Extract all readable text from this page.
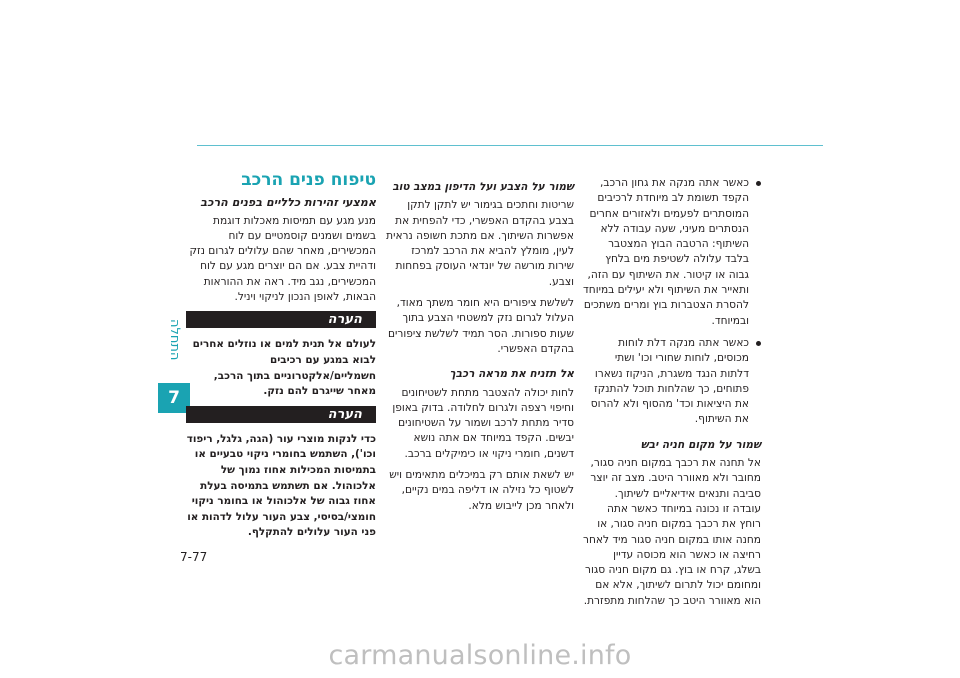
התחלה
7
7-77
כאשר אתה מנקה את גחון הרכב, הקפד תשומת לב מיוחדת לרכיבים המוסתרים לפעמים ולאזורים אחרים הנסתרים מעיני, שעה עבודה ללא השיתוף: הרטבה הבוץ המצטבר בלבד עלולה לשטיפת מים בלחץ גבוה או קיטור. את השיתוף עם הזה, ותאייר את השיתוף ולא יעילים במיוחד להסרת הצטברות בוץ ומרים משתכים ובמיוחד.
כאשר אתה מנקה דלת לוחות מכוסים, לוחות שחורי וכו' ושתי דלתות הנגד משגרת, הניקוז נשארו פתוחים, כך שהלחות תוכל להתנקז את היציאות וכד' מהסוף ולא להרוס את השיתוף.
שמור על מקום חניה יבש

אל תחנה את רכבך במקום חניה סגור, מחובר ולא מאוורר היטב. מצב זה יוצר סביבה ותנאים אידיאליים לשיתוך. עובדה זו נכונה במיוחד כאשר אתה רוחץ את רכבך במקום חניה סגור, או מחנה אותו במקום חניה סגור מיד לאחר רחיצה או כאשר הוא מכוסה עדיין בשלג, קרח או בוץ. גם מקום חניה סגור ומחומם יכול לתרום לשיתוך, אלא אם הוא מאוורר היטב כך שהלחות מתפזרת.

שמור על הצבע ועל הדיפון במצב טוב

שריטות וחתכים בגימור יש לתקן לתקן בצבע בהקדם האפשרי, כדי להפחית את אפשרות השיתוך. אם מתכת חשופה נראית לעין, מומלץ להביא את הרכב למרכז שירות מורשה של יונדאי העוסק בפחחות וצבע.

לשלשת ציפורים היא חומר משתך מאוד, העלול לגרום נזק למשטחי הצבע בתוך שעות ספורות. הסר תמיד לשלשת ציפורים בהקדם האפשרי.

אל תזניח את מראה רכבך

לחות יכולה להצטבר מתחת לשטיחונים וחיפוי רצפה ולגרום לחלודה. בדוק באופן סדיר מתחת לרכב ושמור על השטיחונים יבשים. הקפד במיוחד אם אתה נושא דשנים, חומרי ניקוי או כימיקלים ברכב.

יש לשאת אותם רק במיכלים מתאימים ויש לשטוף כל נזילה או דליפה במים נקיים, ולאחר מכן לייבוש מלא.

טיפוח פנים הרכב
אמצעי זהירות כלליים בפנים הרכב

מנע מגע עם תמיסות מאכלות דוגמת בשמים ושמנים קוסמטיים עם לוח המכשירים, מאחר שהם עלולים לגרום נזק ודהיית צבע. אם הם יוצרים מגע עם לוח המכשירים, נגב מיד. ראה את ההוראות הבאות, לאופן הנכון לניקוי ויניל.

הערה

לעולם אל תנית למים או נוזלים אחרים לבוא במגע עם רכיבים חשמליים/אלקטרוניים בתוך הרכב, מאחר שייגרם להם נזק.

הערה

כדי לנקות מוצרי עור (הגה, גלגל, ריפוד וכו'), השתמש בחומרי ניקוי טבעיים או בתמיסות המכילות אחוז נמוך של אלכוהול. אם תשתמש בתמיסה בעלת אחוז גבוה של אלכוהול או בחומר ניקוי חומצי/בסיסי, צבע העור עלול לדהות או פני העור עלולים להתקלף.

carmanualsonline.info
